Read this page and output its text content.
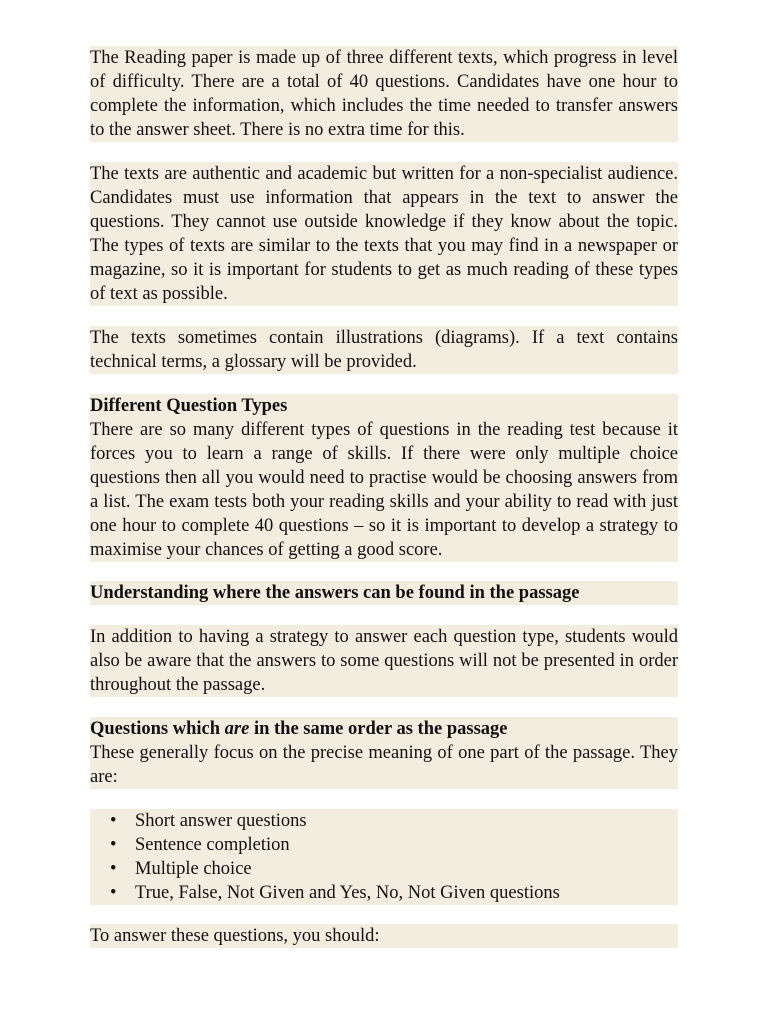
The Reading paper is made up of three different texts, which progress in level of difficulty. There are a total of 40 questions. Candidates have one hour to complete the information, which includes the time needed to transfer answers to the answer sheet. There is no extra time for this.

The texts are authentic and academic but written for a non-specialist audience. Candidates must use information that appears in the text to answer the questions. They cannot use outside knowledge if they know about the topic. The types of texts are similar to the texts that you may find in a newspaper or magazine, so it is important for students to get as much reading of these types of text as possible.

The texts sometimes contain illustrations (diagrams). If a text contains technical terms, a glossary will be provided.

Different Question Types
There are so many different types of questions in the reading test because it forces you to learn a range of skills. If there were only multiple choice questions then all you would need to practise would be choosing answers from a list. The exam tests both your reading skills and your ability to read with just one hour to complete 40 questions – so it is important to develop a strategy to maximise your chances of getting a good score.

Understanding where the answers can be found in the passage

In addition to having a strategy to answer each question type, students would also be aware that the answers to some questions will not be presented in order throughout the passage.

Questions which are in the same order as the passage
These generally focus on the precise meaning of one part of the passage. They are:
• Short answer questions
• Sentence completion
• Multiple choice
• True, False, Not Given and Yes, No, Not Given questions

To answer these questions, you should:
